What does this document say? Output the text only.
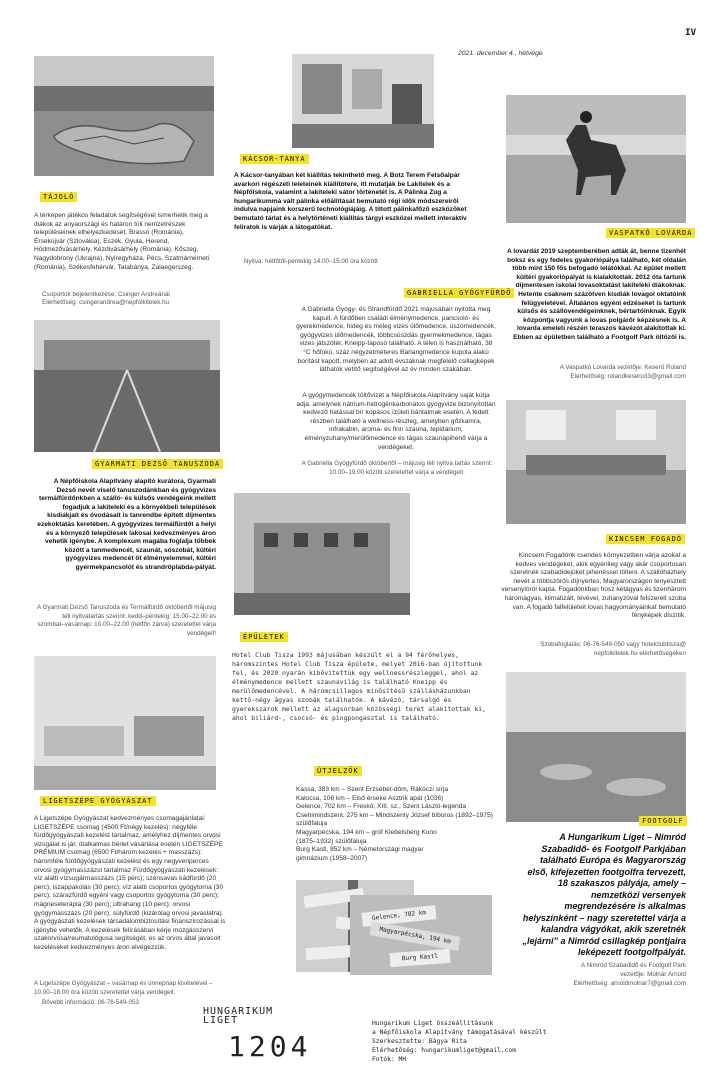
IV
2021. december 4., hétvége
TÁJOLÓ
A térképen játékos feladatok segítségével ismerhetik meg a diákok az anyaországi és határon túli nemzetrészek településeinek elhelyezkedését. Brassó (Románia), Érsekújvár (Szlovákia), Eszék, Gyula, Herend, Hódmezővásárhely, Kézdivásárhely (Románia), Kőszeg, Nagydobrony (Ukrajna), Nyíregyháza, Pécs, Szatmárnémeti (Románia), Székesfehérvár, Tatabánya, Zalaegerszeg.
Csoportok bejelentkezése: Csinger Andreánál
Elérhetőség: csingerandrea@nepfolkitelek.hu
KÁCSOR-TANYA
A Kácsor-tanyában két kiállítás tekinthető meg. A Botz Terem Felsőalpár avarkori régészeti leleteinek kiállítótere, itt mutatják be Lakitelek és a Népfőiskola, valamint a lakiteleki sátor történetét is. A Pálinka Zug a hungarikummá vált pálinka előállítását bemutató régi idők módszereiről indulva napjaink korszerű technológiájáig. A tiltott pálinkafőző eszközöket bemutató tárlat és a helytörténeti kiállítás tárgyi eszközei mellett interaktív feliratok is várják a látogatókat.
Nyitva: hétfőtől-péntekig 14.00–15.00 óra között
VASPATKÓ LOVARDA
A lovardát 2019 szeptemberében adták át, benne tizenhét boksz és egy fedeles gyakorlópálya található, két oldalán több mint 150 fős befogadó lelátókkal. Az épület mellett kültéri gyakorlópályát is kialakítottak. 2012 óta tartunk díjmentesen iskolai lovasoktatást lakiteleki diákoknak. Hetente csaknem százötven kisdiák lovagol oktatóink felügyeletével. Általános egyéni edzéseket is tartunk külsős és szállóvendégeinknek, bértartóinknak. Egyik központja vagyunk a lovas polgárőr képzésnek is. A lovarda emeleti részén teraszos kávézót alakítottak ki. Ebben az épületben található a Footgolf Park öltözői is.
A Vaspatkó Lovarda vezetője: Keserű Roland
Elérhetőség: rolandkeseru33@gmail.com
GABRIELLA GYÓGYFÜRDŐ
A Gabriella Gyógy- és Strandfürdő 2021 májusában nyitotta meg kapuit. A fürdőben családi élménymedence, pancsoló- és gyerekmedence, hideg és meleg vizes ülőmedence, úszómedencék, gyógyvizes ülőmedencék, többcsúszdás gyermekmedence, tágas vizes játszótér, Kneipp-taposó található. A télen is használható, 38 °C hőfokú, száz négyzetméteres Barlangmedence kupola alakú borítást kapott, melyben az adott évszaknak megfelelő csillagképek láthatók vetítő segítségével az év minden szakában.
A gyógymedencék töltővizét a Népfőiskola Alapítvány saját kútja adja, amelynek nátrium-hidrogénkarbonátos gyógyvize bizonyítottan kedvező hatással bír kopásos ízületi bántalmak esetén. A fedett részben található a wellness-részleg, amelyben gőzkamra, infrakabin, aroma- és finn szauna, tepidárium, élményzuhany/merülőmedence és tágas szaunapihenő várja a vendégeket.
A Gabriella Gyógyfürdő októbertől – májusig téli nyitva tartás szerint: 10.00–19.00 között szeretettel várja a vendégeit.
GYARMATI DEZSŐ TANUSZODA
A Népfőiskola Alapítvány alapító kurátora, Gyarmati Dezső nevét viselő tanuszodánkban és gyógyvizes termálfürdőnkben a szálló- és külsős vendégeink mellett fogadjuk a lakiteleki és a környékbeli települések kisdiákjait és óvodásait is tanrendbe épített díjmentes ezekoktatás keretében. A gyógyvizes termálfürdőt a helyi és a környező települések lakosai kedvezményes áron vehetik igénybe. A komplexum magába foglalja többek között a tanmedencét, szaunát, sószobát, kültéri gyógyvizes medencét öt élményelemmel, kültéri gyermekpancsolót és strandröplabda-pályát.
A Gyarmati Dezső Tanuszoda és Termálfürdő októbertől májusig téli nyitvatartás szerint: kedd–péntekig: 15.00–22.00 és szombat–vasárnap: 10.00–22.00 (hétfőn zárva) szeretettel várja vendégeit!
KINCSEM FOGADÓ
Kincsem Fogadónk csendes környezetben várja azokat a kedves vendégeket, akik egyénileg vagy akár csoportosan szeretnék szabadidejüket pihenéssel tölteni. A szállóházhely nevét a többszörös díjnyertes, Magyarországon tenyésztett versenylóról kapta. Fogadónkban húsz kétágyas és tizenhárom háromágyas, klimatizált, tévével, zuhanyzóval felszerelt szoba van. A fogadó falfelületeit lovas hagyományainkat bemutató fényképek díszítik.
Szobafoglalás: 06-76-549-050 vagy hotelclubtisza@
nepfolkitelek.hu elérhetőségeken
ÉPÜLETEK
Hotel Club Tisza 1993 májusában készült el a 94 férőhelyes, háromszintes Hotel Club Tisza épülete, melyet 2016-ban újítottunk fel, és 2020 nyarán kibővítettük egy wellnessrészleggel, ahol az élménymedence mellett szaunavilág is található Kneipp és merülőmedencével. A háromcsillagos minősítésű szállásházunkban kettő-négy ágyas szobák találhatók. A kávézó, társalgó és gyerekszarok mellett az alagsorban közösségi teret alakítottak ki, ahol biliárd-, csocsó- és pingpongasztal is található.
FOOTGOLF
LIGETSZÉPE GYÓGYÁSZAT
A Ligetszépe Gyógyászat kedvezményes csomagajánlatai: LIGETSZÉPE csomag (4500 Ft/négy kezelés): négyféle fürdőgyógyászati kezelést tartalmaz, amelyhez díjmentes orvosi vizsgálat is jár, ötalkalmas bérlet vásárlása esetén LIGETSZÉPE PRÉMIUM csomag (6500 Ft/három kezelés + masszázs): háromféle fürdőgyógyászati kezelést és egy negyvenperces orvosi gyógymasszázst tartalmaz Fürdőgyógyászati kezelések: víz alatti vízsugármasszázs (15 perc); szénsavas kádfürdő (20 perc); iszappakolás (30 perc); víz alatti csoportos gyógytorna (30 perc); szárazfürdő egyéni vagy csoportos gyógytorna (30 perc); mágneseterápia (30 perc); ultrahang (10 perc); orvosi gyógymasszázs (20 perc); súlyfürdő (kizárólag orvosi javaslatra). A gyógyászati kezelések társadalombiztosítási finanszírozással is igénybe vehetők. A kezelések felírásában kérje mozgásszervi szakorvosa/reumatológusa segítségét, és az orvos által javasolt kezeléseket kedvezményes áron elvégezzük.
A Ligetszépe Gyógyászat – vasárnap és ünnepnap kivételével – 10.00–18.00 óra között szeretettel várja vendégeit.
Bővebb információ: 06-76-549-053
ÚTJELZŐK

Kassa, 383 km – Szent Erzsébet-dóm, Rákóczi sírja

Kalocsa, 106 km – Első érseke Asztrik apát (1036)

Gelence, 702 km – Freskó, XIII. sz., Szent László-legenda

Csehimindszent, 275 km – Mindszenty József bíboros (1892–1975)

szülőfaluja

Magyarpécska, 194 km – gróf Klebelsberg Kuno

(1875–1932) szülőfaluja

Burg Kastl, 852 km – Németországi magyar

gimnázium (1958–2007)

Gelence, 702 km
Magyarpécska, 194 km
Burg Kastl
A Hungarikum Liget – Nimród Szabadidő- és Footgolf Parkjában található Európa és Magyarország első, kifejezetten footgolfra tervezett, 18 szakaszos pályája, amely – nemzetközi versenyek megrendezésére is alkalmas helyszínként – nagy szeretettel várja a kalandra vágyókat, akik szeretnék „lejárni” a Nimród csillagkép pontjaira leképezett footgolfpályát.
A Nimród Szabadidő és Footgolf Park
vezetője: Molnár Arnold
Elérhetőség: arnoldmolnar7@gmail.com
HUNGARIKUM
LIGET
1204
Hungarikum Liget összeállításunk
a Népfőiskola Alapítvány támogatásával készült
Szerkesztette: Bágya Rita
Elérhetőség: hungarikumliget@gmail.com
Fotók: MH
